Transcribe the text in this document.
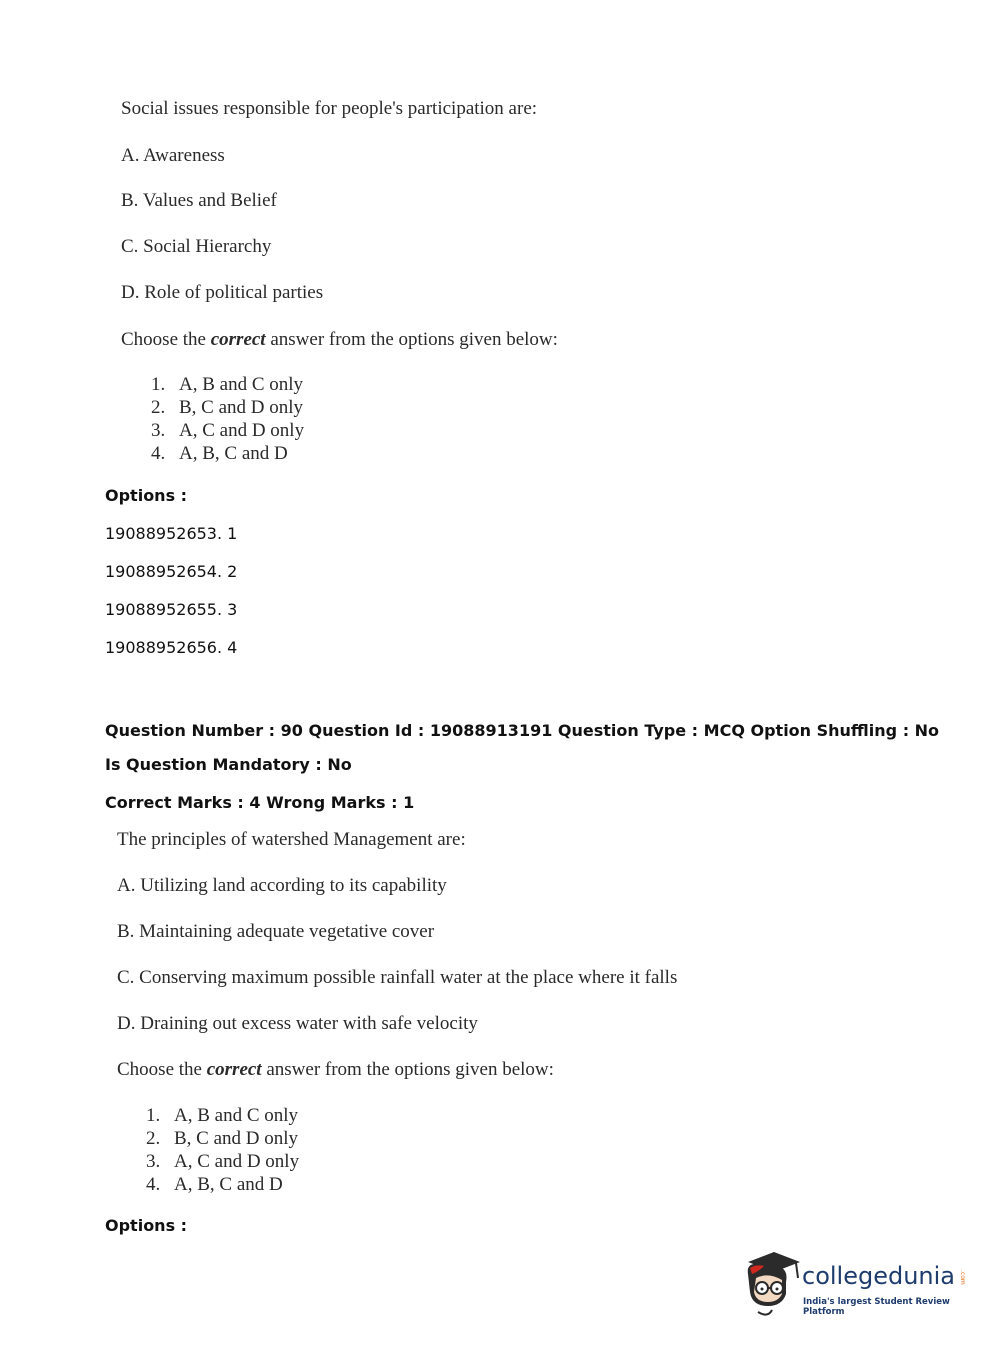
Social issues responsible for people's participation are:
A. Awareness
B. Values and Belief
C. Social Hierarchy
D. Role of political parties
Choose the correct answer from the options given below:
1. A, B and C only
2. B, C and D only
3. A, C and D only
4. A, B, C and D
Options :
19088952653. 1
19088952654. 2
19088952655. 3
19088952656. 4
Question Number : 90 Question Id : 19088913191 Question Type : MCQ Option Shuffling : No
Is Question Mandatory : No
Correct Marks : 4 Wrong Marks : 1
The principles of watershed Management are:
A. Utilizing land according to its capability
B. Maintaining adequate vegetative cover
C. Conserving maximum possible rainfall water at the place where it falls
D. Draining out excess water with safe velocity
Choose the correct answer from the options given below:
1. A, B and C only
2. B, C and D only
3. A, C and D only
4. A, B, C and D
Options :
collegedunia .com
India's largest Student Review Platform
